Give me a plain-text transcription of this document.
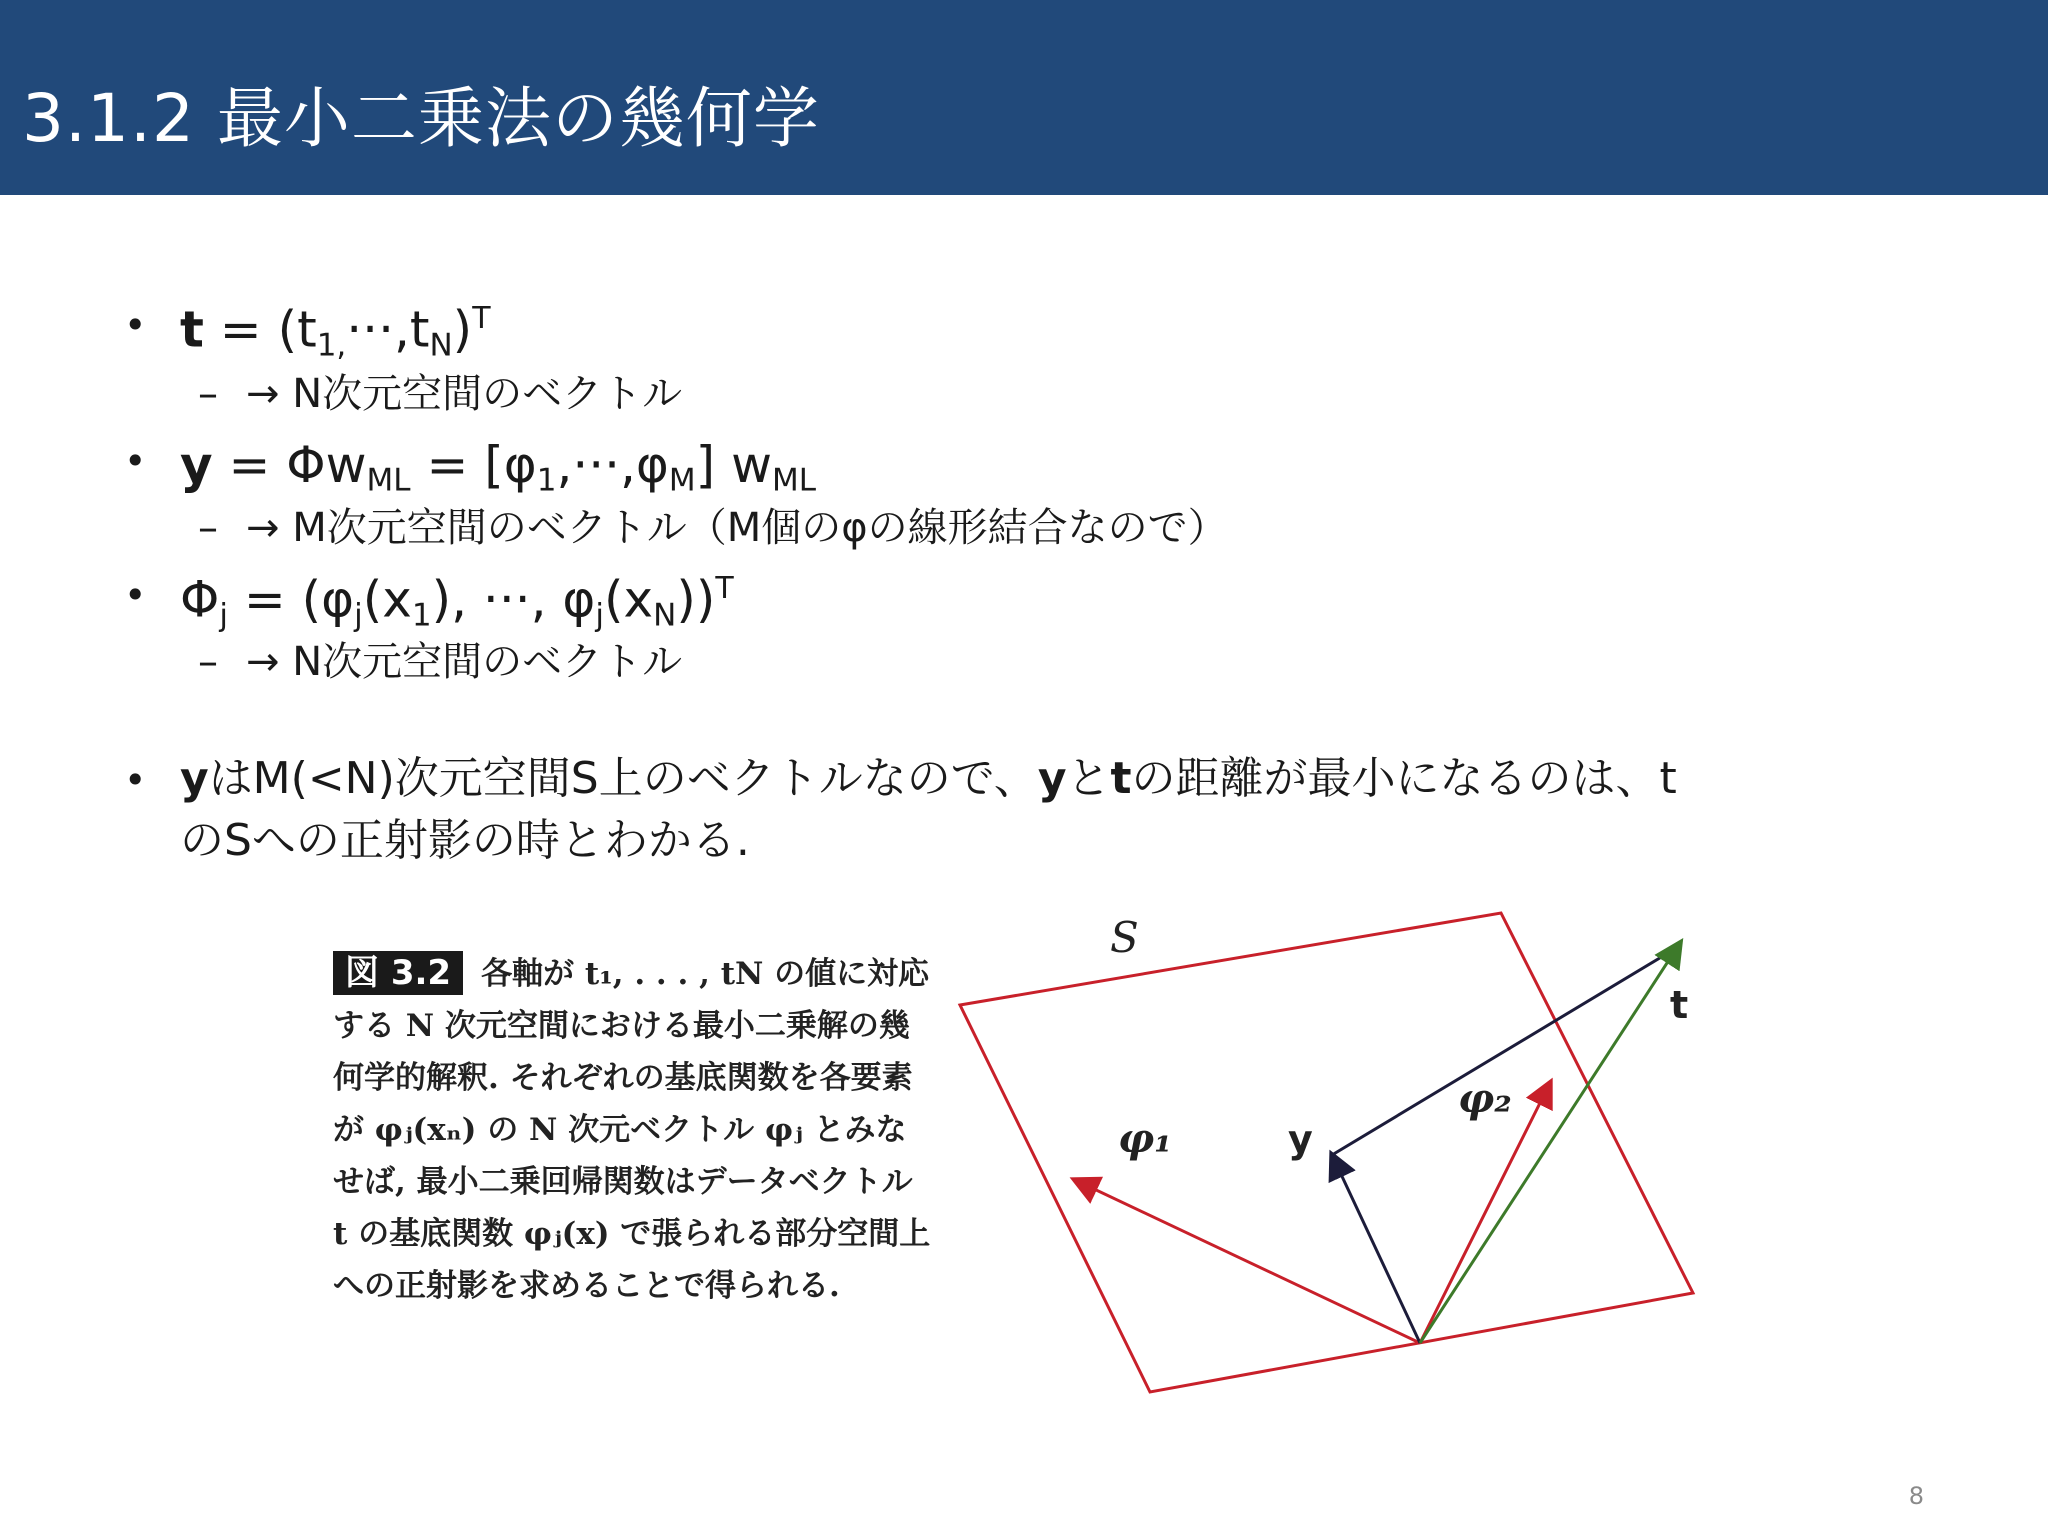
3.1.2 最小二乗法の幾何学
• $t = (t_{1,}\cdot\cdot\cdot,t_N)^T$
– → N次元空間のベクトル
• $y = \Phi w_{ML} = [\varphi_1,\cdot\cdot\cdot,\varphi_M]$ $w_{ML}$
– → M次元空間のベクトル（M個のφの線形結合なので）
• $\Phi_j = (\varphi_j(x_1)$, ···, $\varphi_j(x_N))^T$
– → N次元空間のベクトル
• yはM(<N)次元空間S上のベクトルなので、yとtの距離が最小になるのは、t
のSへの正射影の時とわかる.
図 3.2 各軸が t₁, . . . , tN の値に対応する N 次元空間における最小二乗解の幾何学的解釈. それぞれの基底関数を各要素が φⱼ(xₙ) の N 次元ベクトル φⱼ とみなせば, 最小二乗回帰関数はデータベクトル t の基底関数 φⱼ(x) で張られる部分空間上への正射影を求めることで得られる.
S
t
y
φ₁
φ₂
8
